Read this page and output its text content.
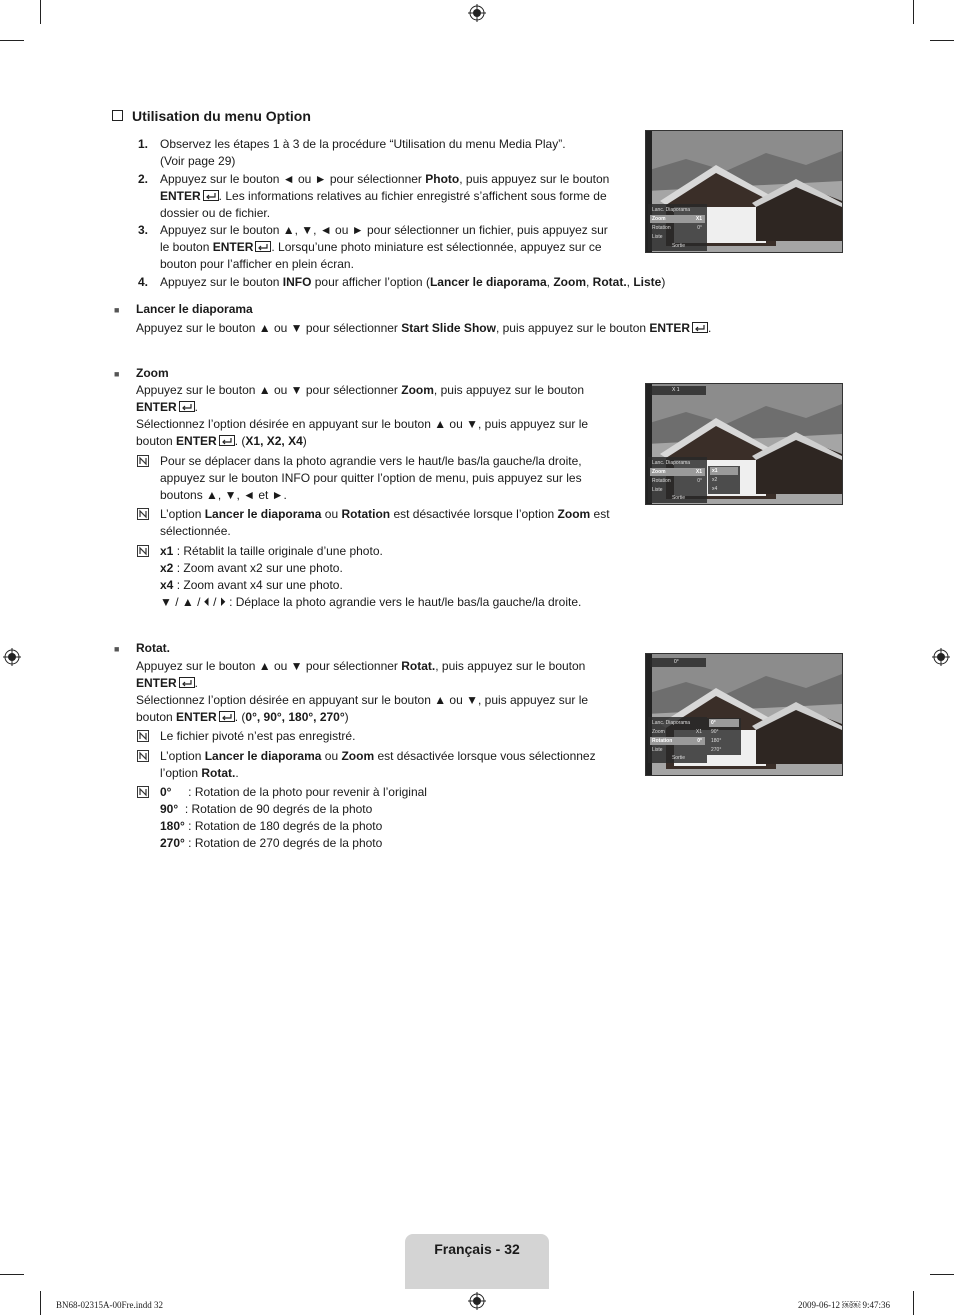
Utilisation du menu Option
1. Observez les étapes 1 à 3 de la procédure “Utilisation du menu Media Play”.
(Voir page 29)
2. Appuyez sur le bouton ◄ ou ► pour sélectionner Photo, puis appuyez sur le bouton
ENTER . Les informations relatives au fichier enregistré s’affichent sous forme de
dossier ou de fichier.
3. Appuyez sur le bouton ▲, ▼, ◄ ou ► pour sélectionner un fichier, puis appuyez sur
le bouton ENTER . Lorsqu’une photo miniature est sélectionnée, appuyez sur ce
bouton pour l’afficher en plein écran.
4. Appuyez sur le bouton INFO pour afficher l’option (Lancer le diaporama, Zoom, Rotat., Liste)
■ Lancer le diaporama
Appuyez sur le bouton ▲ ou ▼ pour sélectionner Start Slide Show, puis appuyez sur le bouton ENTER .
■ Zoom
Appuyez sur le bouton ▲ ou ▼ pour sélectionner Zoom, puis appuyez sur le bouton
ENTER .
Sélectionnez l’option désirée en appuyant sur le bouton ▲ ou ▼, puis appuyez sur le
bouton ENTER . (X1, X2, X4)
Pour se déplacer dans la photo agrandie vers le haut/le bas/la gauche/la droite,
appuyez sur le bouton INFO pour quitter l’option de menu, puis appuyez sur les
boutons ▲, ▼, ◄ et ►.
L’option Lancer le diaporama ou Rotation est désactivée lorsque l’option Zoom est
sélectionnée.
x1 : Rétablit la taille originale d’une photo.
x2 : Zoom avant x2 sur une photo.
x4 : Zoom avant x4 sur une photo.
▼ / ▲ / ⏴ / ⏵ : Déplace la photo agrandie vers le haut/le bas/la gauche/la droite.
■ Rotat.
Appuyez sur le bouton ▲ ou ▼ pour sélectionner Rotat., puis appuyez sur le bouton
ENTER .
Sélectionnez l’option désirée en appuyant sur le bouton ▲ ou ▼, puis appuyez sur le
bouton ENTER . (0°, 90°, 180°, 270°)
Le fichier pivoté n’est pas enregistré.
L’option Lancer le diaporama ou Zoom est désactivée lorsque vous sélectionnez
l’option Rotat..
0°     : Rotation de la photo pour revenir à l’original
90°  : Rotation de 90 degrés de la photo
180° : Rotation de 180 degrés de la photo
270° : Rotation de 270 degrés de la photo
Lanc. Diaporama
Zoom	X1
Rotation	0°
Liste
Sortie
X 1
Lanc. Diaporama
Zoom	X1
Rotation	0°
Liste
Sortie
x1
x2
x4
0°
Lanc. Diaporama
Zoom	X1
Rotation	0°
Liste
Sortie
0°
90°
180°
270°
Français - 32
BN68-02315A-00Fre.indd 32	2009-06-12 ￼￼ 9:47:36
